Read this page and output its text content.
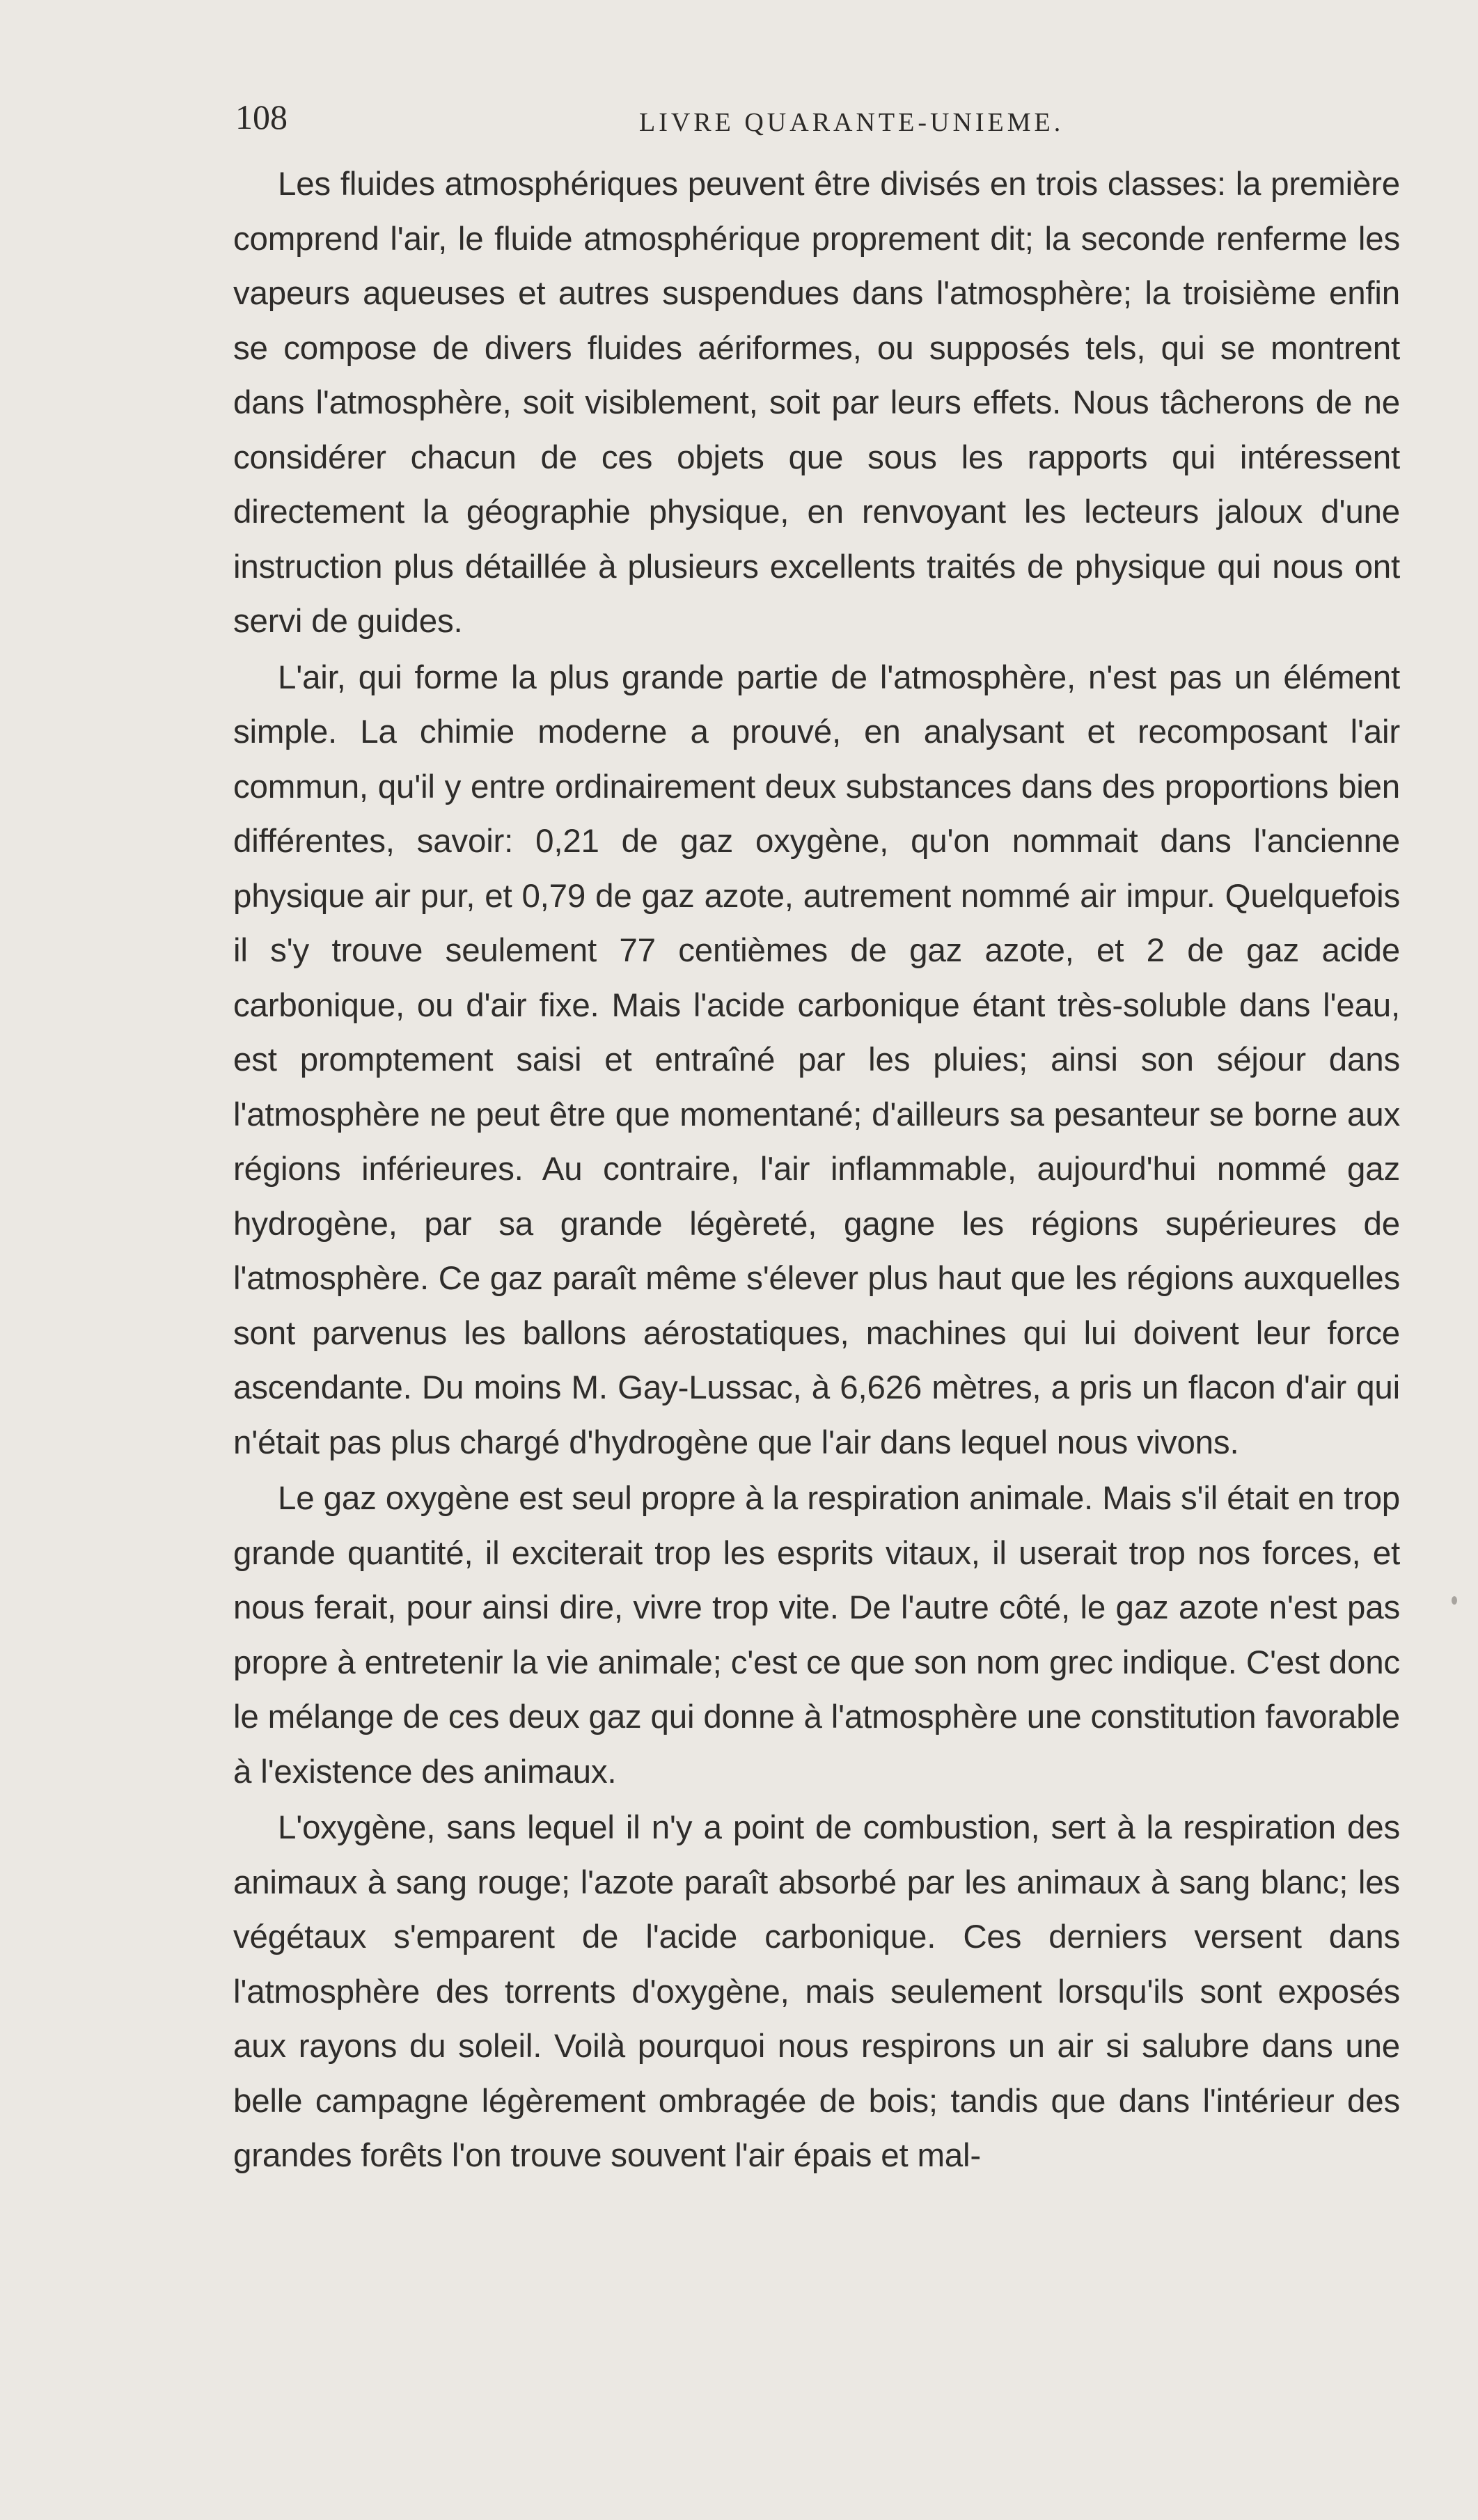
108	LIVRE QUARANTE-UNIEME.

Les fluides atmosphériques peuvent être divisés en trois classes: la première comprend l'air, le fluide atmosphérique proprement dit; la seconde renferme les vapeurs aqueuses et autres suspendues dans l'atmosphère; la troisième enfin se compose de divers fluides aériformes, ou supposés tels, qui se montrent dans l'atmosphère, soit visiblement, soit par leurs effets. Nous tâcherons de ne considérer chacun de ces objets que sous les rapports qui intéressent directement la géographie physique, en renvoyant les lecteurs jaloux d'une instruction plus détaillée à plusieurs excellents traités de physique qui nous ont servi de guides.

L'air, qui forme la plus grande partie de l'atmosphère, n'est pas un élément simple. La chimie moderne a prouvé, en analysant et recomposant l'air commun, qu'il y entre ordinairement deux substances dans des proportions bien différentes, savoir: 0,21 de gaz oxygène, qu'on nommait dans l'ancienne physique air pur, et 0,79 de gaz azote, autrement nommé air impur. Quelquefois il s'y trouve seulement 77 centièmes de gaz azote, et 2 de gaz acide carbonique, ou d'air fixe. Mais l'acide carbonique étant très-soluble dans l'eau, est promptement saisi et entraîné par les pluies; ainsi son séjour dans l'atmosphère ne peut être que momentané; d'ailleurs sa pesanteur se borne aux régions inférieures. Au contraire, l'air inflammable, aujourd'hui nommé gaz hydrogène, par sa grande légèreté, gagne les régions supérieures de l'atmosphère. Ce gaz paraît même s'élever plus haut que les régions auxquelles sont parvenus les ballons aérostatiques, machines qui lui doivent leur force ascendante. Du moins M. Gay-Lussac, à 6,626 mètres, a pris un flacon d'air qui n'était pas plus chargé d'hydrogène que l'air dans lequel nous vivons.

Le gaz oxygène est seul propre à la respiration animale. Mais s'il était en trop grande quantité, il exciterait trop les esprits vitaux, il userait trop nos forces, et nous ferait, pour ainsi dire, vivre trop vite. De l'autre côté, le gaz azote n'est pas propre à entretenir la vie animale; c'est ce que son nom grec indique. C'est donc le mélange de ces deux gaz qui donne à l'atmosphère une constitution favorable à l'existence des animaux.

L'oxygène, sans lequel il n'y a point de combustion, sert à la respiration des animaux à sang rouge; l'azote paraît absorbé par les animaux à sang blanc; les végétaux s'emparent de l'acide carbonique. Ces derniers versent dans l'atmosphère des torrents d'oxygène, mais seulement lorsqu'ils sont exposés aux rayons du soleil. Voilà pourquoi nous respirons un air si salubre dans une belle campagne légèrement ombragée de bois; tandis que dans l'intérieur des grandes forêts l'on trouve souvent l'air épais et mal-
